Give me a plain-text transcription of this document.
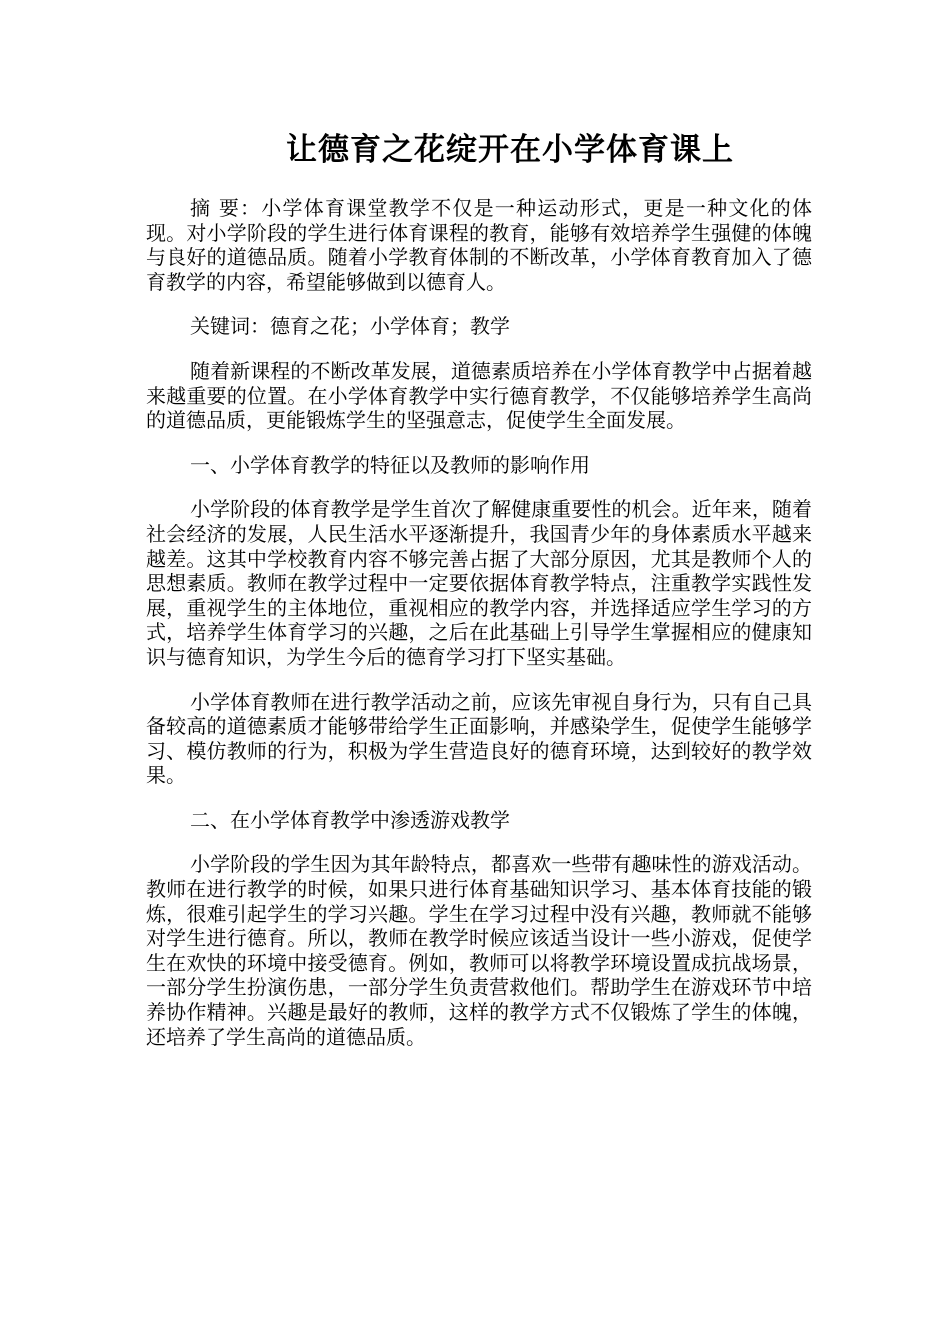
让德育之花绽开在小学体育课上

摘 要：小学体育课堂教学不仅是一种运动形式，更是一种文化的体现。对小学阶段的学生进行体育课程的教育，能够有效培养学生强健的体魄与良好的道德品质。随着小学教育体制的不断改革，小学体育教育加入了德育教学的内容，希望能够做到以德育人。

关键词：德育之花；小学体育；教学

随着新课程的不断改革发展，道德素质培养在小学体育教学中占据着越来越重要的位置。在小学体育教学中实行德育教学，不仅能够培养学生高尚的道德品质，更能锻炼学生的坚强意志，促使学生全面发展。

一、小学体育教学的特征以及教师的影响作用

小学阶段的体育教学是学生首次了解健康重要性的机会。近年来，随着社会经济的发展，人民生活水平逐渐提升，我国青少年的身体素质水平越来越差。这其中学校教育内容不够完善占据了大部分原因，尤其是教师个人的思想素质。教师在教学过程中一定要依据体育教学特点，注重教学实践性发展，重视学生的主体地位，重视相应的教学内容，并选择适应学生学习的方式，培养学生体育学习的兴趣，之后在此基础上引导学生掌握相应的健康知识与德育知识，为学生今后的德育学习打下坚实基础。

小学体育教师在进行教学活动之前，应该先审视自身行为，只有自己具备较高的道德素质才能够带给学生正面影响，并感染学生，促使学生能够学习、模仿教师的行为，积极为学生营造良好的德育环境，达到较好的教学效果。

二、在小学体育教学中渗透游戏教学

小学阶段的学生因为其年龄特点，都喜欢一些带有趣味性的游戏活动。教师在进行教学的时候，如果只进行体育基础知识学习、基本体育技能的锻炼，很难引起学生的学习兴趣。学生在学习过程中没有兴趣，教师就不能够对学生进行德育。所以，教师在教学时候应该适当设计一些小游戏，促使学生在欢快的环境中接受德育。例如，教师可以将教学环境设置成抗战场景，一部分学生扮演伤患，一部分学生负责营救他们。帮助学生在游戏环节中培养协作精神。兴趣是最好的教师，这样的教学方式不仅锻炼了学生的体魄，还培养了学生高尚的道德品质。
